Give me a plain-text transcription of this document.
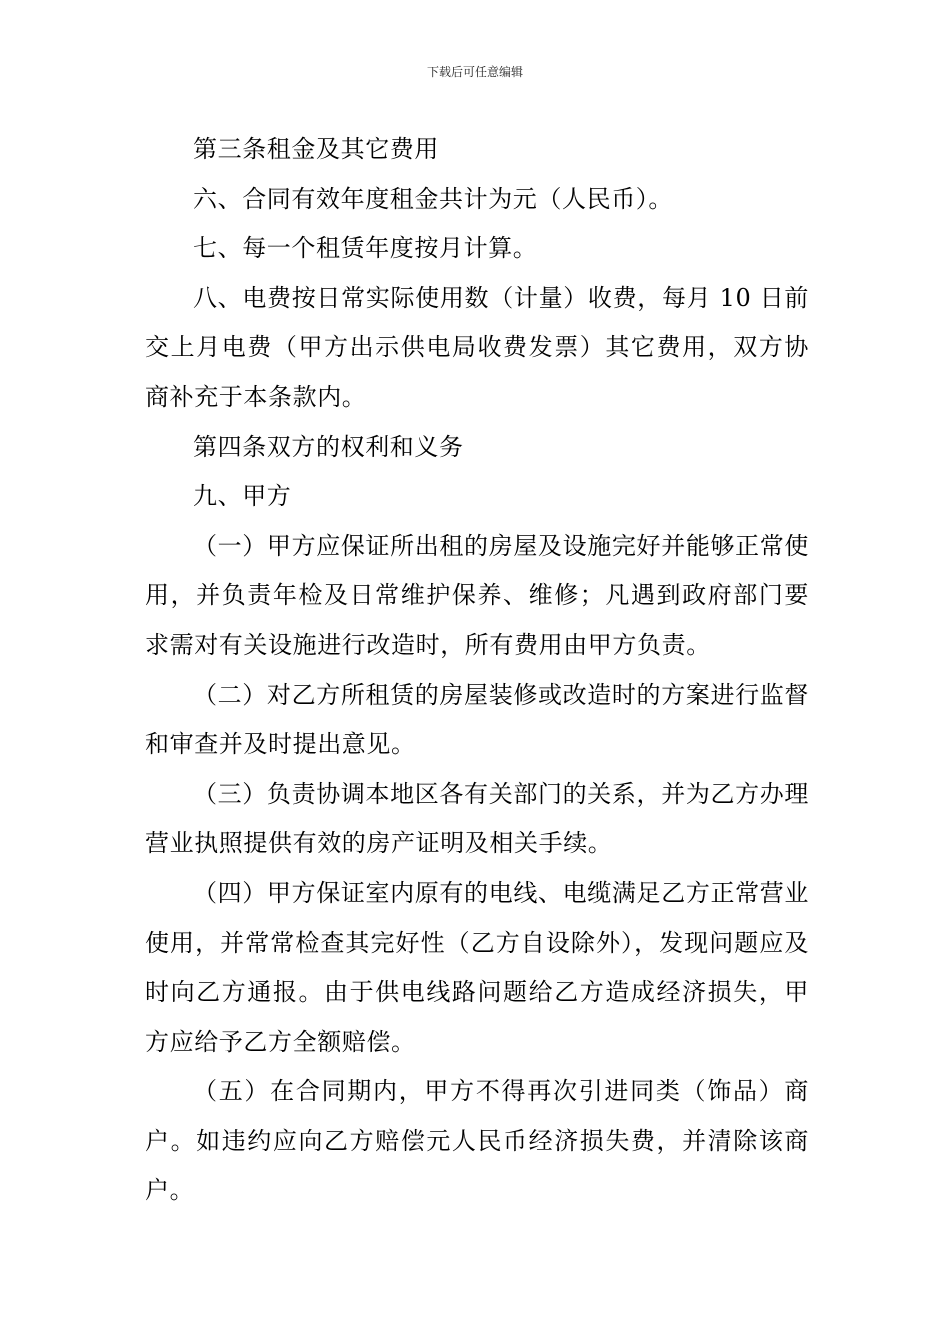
下载后可任意编辑

第三条租金及其它费用

六、合同有效年度租金共计为元（人民币）。

七、每一个租赁年度按月计算。

八、电费按日常实际使用数（计量）收费，每月 10 日前交上月电费（甲方出示供电局收费发票）其它费用，双方协商补充于本条款内。

第四条双方的权利和义务

九、甲方

（一）甲方应保证所出租的房屋及设施完好并能够正常使用，并负责年检及日常维护保养、维修；凡遇到政府部门要求需对有关设施进行改造时，所有费用由甲方负责。

（二）对乙方所租赁的房屋装修或改造时的方案进行监督和审查并及时提出意见。

（三）负责协调本地区各有关部门的关系，并为乙方办理营业执照提供有效的房产证明及相关手续。

（四）甲方保证室内原有的电线、电缆满足乙方正常营业使用，并常常检查其完好性（乙方自设除外），发现问题应及时向乙方通报。由于供电线路问题给乙方造成经济损失，甲方应给予乙方全额赔偿。

（五）在合同期内，甲方不得再次引进同类（饰品）商户。如违约应向乙方赔偿元人民币经济损失费，并清除该商户。
